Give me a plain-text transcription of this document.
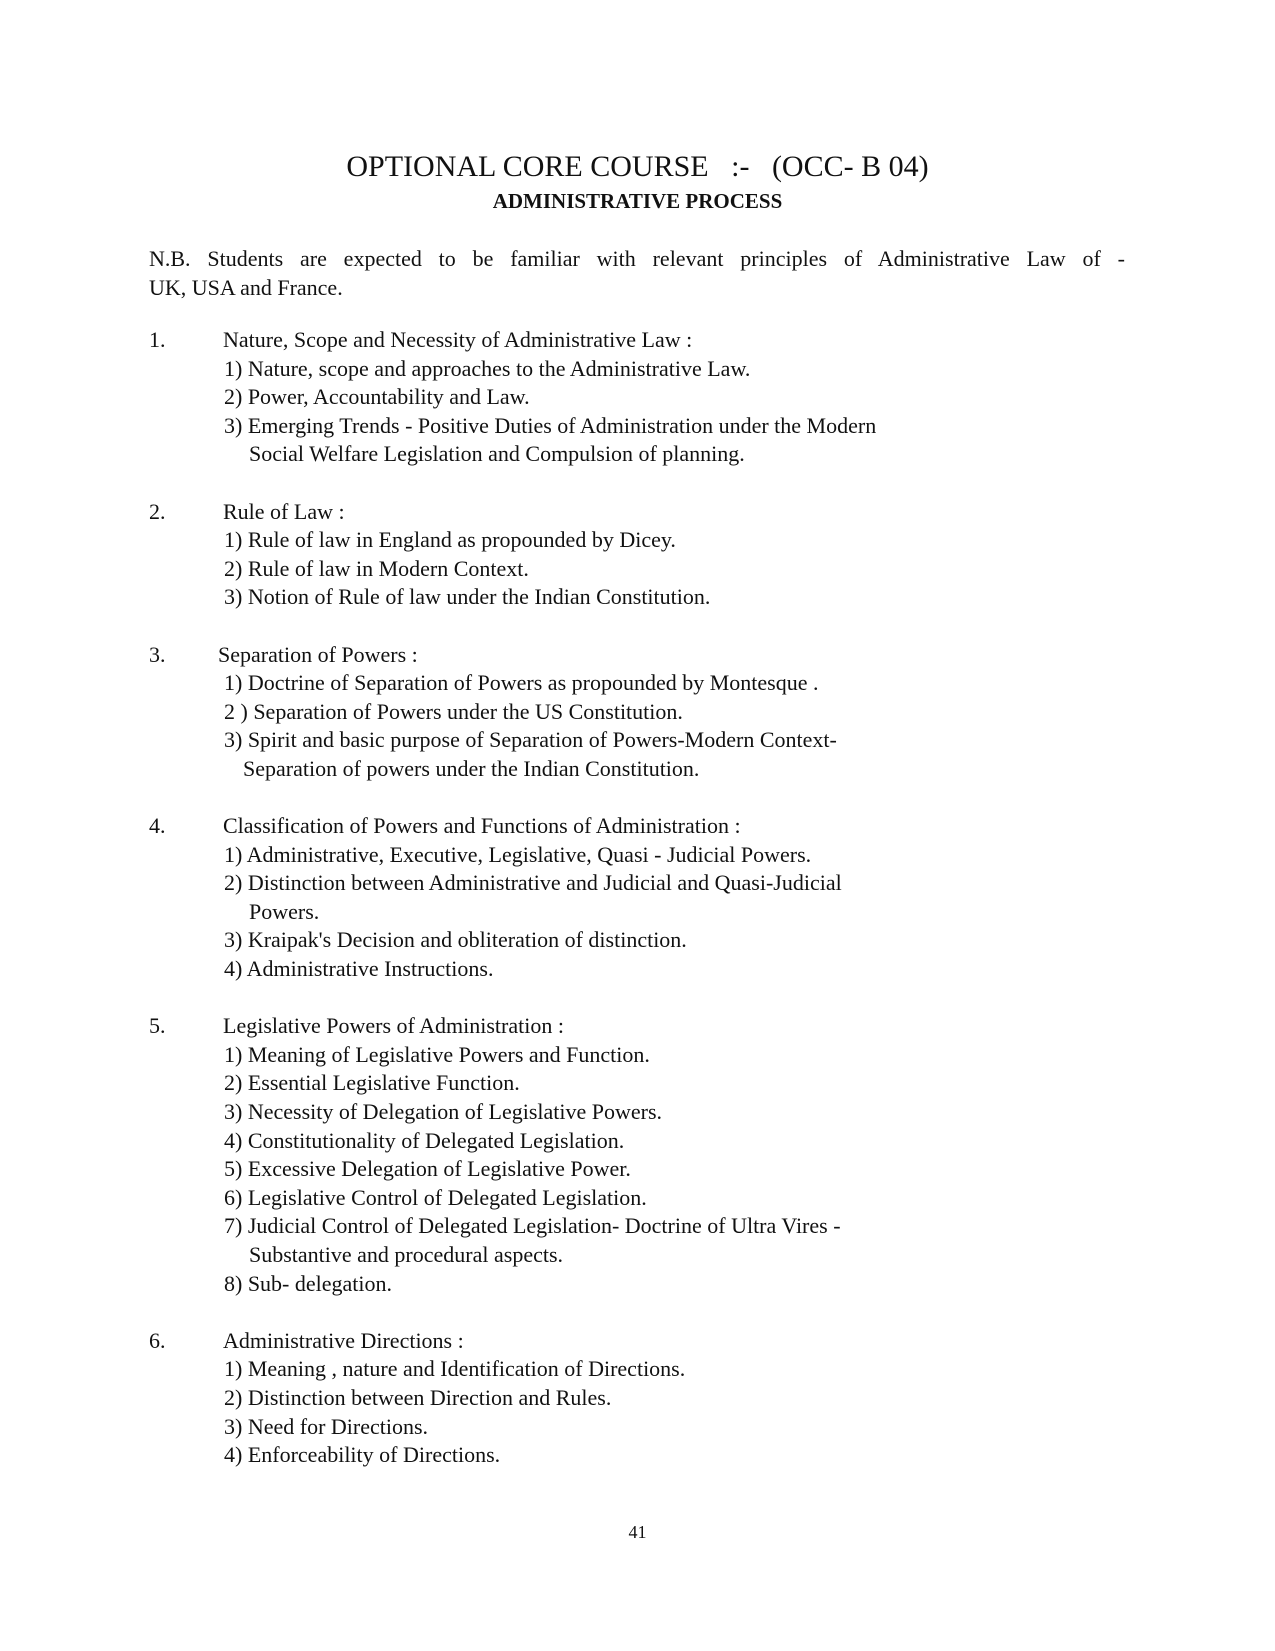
OPTIONAL CORE COURSE   :-   (OCC- B 04)
ADMINISTRATIVE PROCESS
N.B. Students are expected to be familiar with relevant principles of Administrative Law of -
UK, USA and France.
1.	Nature, Scope and Necessity of Administrative Law :
1) Nature, scope and approaches to the Administrative Law.
2) Power, Accountability and Law.
3) Emerging Trends - Positive Duties of Administration under the Modern
Social Welfare Legislation and Compulsion of planning.
2.	Rule of Law :
1) Rule of law in England as propounded by Dicey.
2) Rule of law in Modern Context.
3) Notion of Rule of law under the Indian Constitution.
3. Separation of Powers :
1) Doctrine of Separation of Powers as propounded by Montesque .
2 ) Separation of Powers under the US Constitution.
3) Spirit and basic purpose of Separation of Powers-Modern Context-
Separation of powers under the Indian Constitution.
4.	Classification of Powers and Functions of Administration :
1) Administrative, Executive, Legislative, Quasi - Judicial Powers.
2) Distinction between Administrative and Judicial and Quasi-Judicial
Powers.
3) Kraipak's Decision and obliteration of distinction.
4) Administrative Instructions.
5.	Legislative Powers of Administration :
1) Meaning of Legislative Powers and Function.
2) Essential Legislative Function.
3) Necessity of Delegation of Legislative Powers.
4) Constitutionality of Delegated Legislation.
5) Excessive Delegation of Legislative Power.
6) Legislative Control of Delegated Legislation.
7) Judicial Control of Delegated Legislation- Doctrine of Ultra Vires -
Substantive and procedural aspects.
8) Sub- delegation.
6.	Administrative Directions :
1) Meaning , nature and Identification of Directions.
2) Distinction between Direction and Rules.
3) Need for Directions.
4) Enforceability of Directions.
41
